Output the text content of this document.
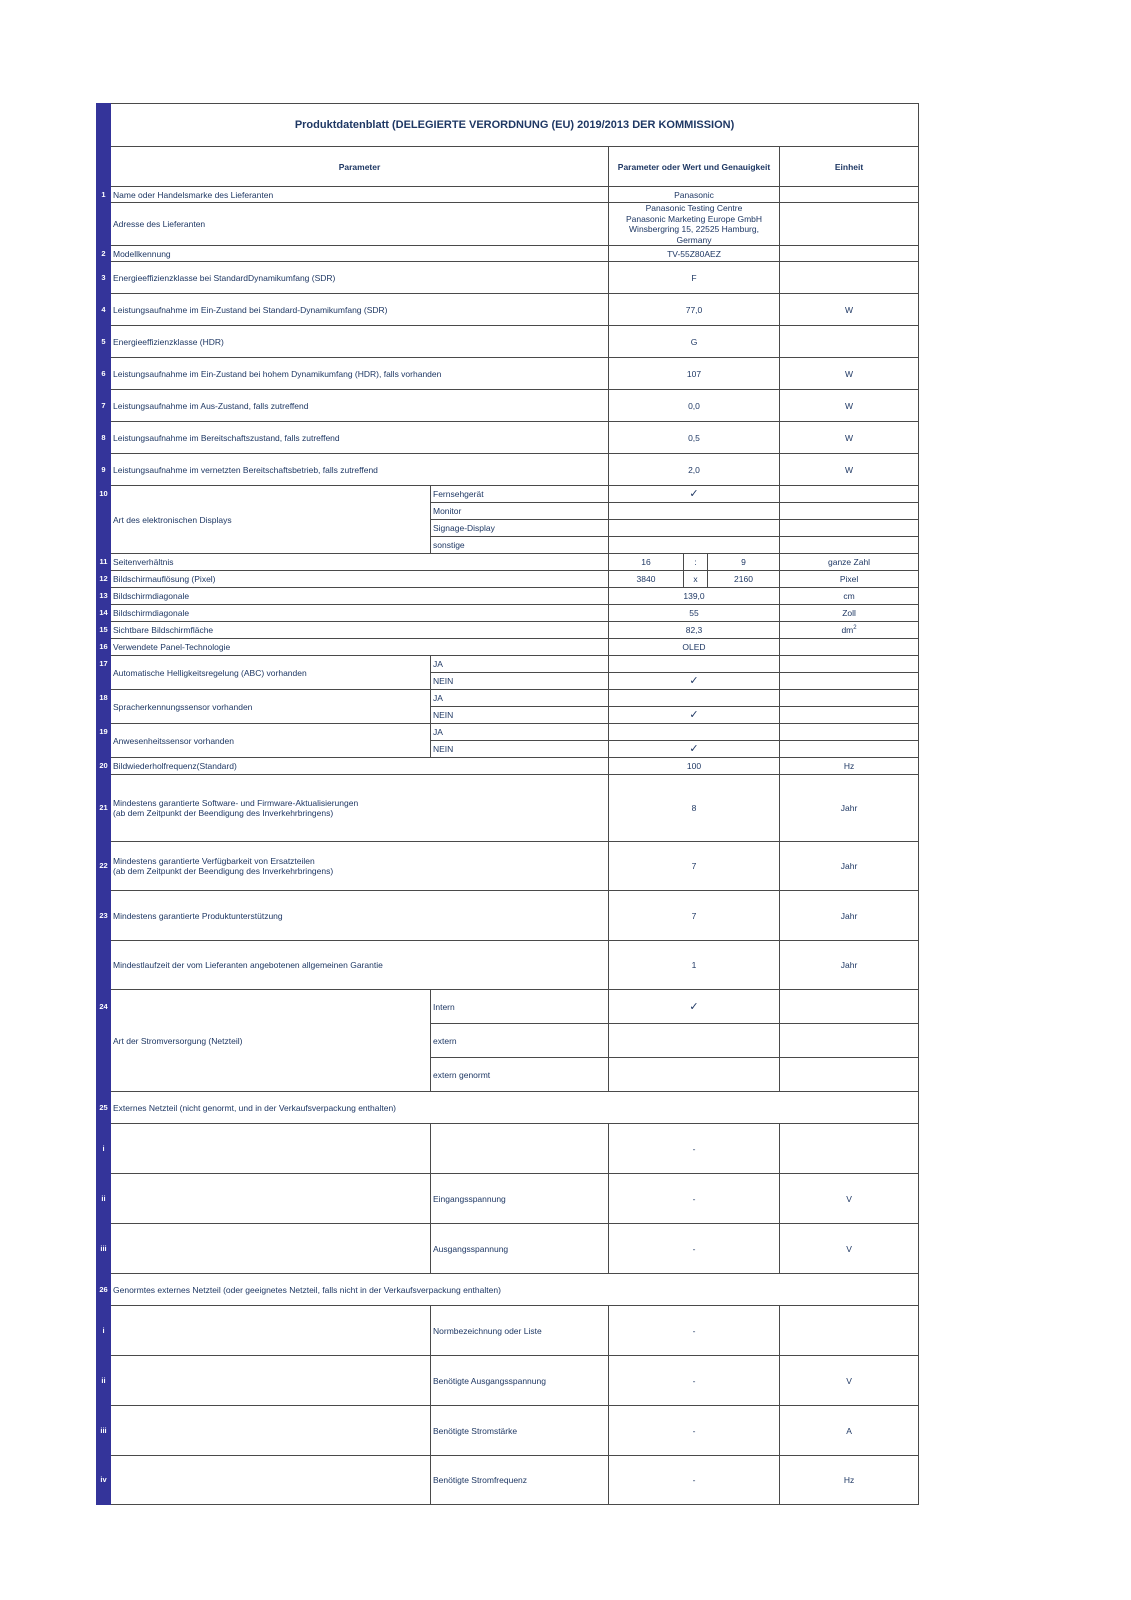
	Produktdatenblatt (DELEGIERTE VERORDNUNG (EU) 2019/2013 DER KOMMISSION)					
	Parameter		Parameter oder Wert und Genauigkeit			Einheit
1	Name oder Handelsmarke des Lieferanten		Panasonic			
	Adresse des Lieferanten		Panasonic Testing Centre
Panasonic Marketing Europe GmbH
Winsbergring 15, 22525 Hamburg,
Germany			

2	Modellkennung		TV-55Z80AEZ			
3	Energieeffizienzklasse bei StandardDynamikumfang (SDR)		F			
4	Leistungsaufnahme im Ein-Zustand bei Standard-Dynamikumfang (SDR)		77,0			W
5	Energieeffizienzklasse (HDR)		G			
6	Leistungsaufnahme im Ein-Zustand bei hohem Dynamikumfang (HDR), falls vorhanden		107			W
7	Leistungsaufnahme im Aus-Zustand, falls zutreffend		0,0			W
8	Leistungsaufnahme im Bereitschaftszustand, falls zutreffend		0,5			W
9	Leistungsaufnahme im vernetzten Bereitschaftsbetrieb, falls zutreffend		2,0			W
10	Art des elektronischen Displays	Fernsehgerät	✓			
		Monitor				
		Signage-Display				
		sonstige				
11	Seitenverhältnis		16	:	9	ganze Zahl
12	Bildschirmauflösung (Pixel)		3840	x	2160	Pixel
13	Bildschirmdiagonale		139,0			cm
14	Bildschirmdiagonale		55			Zoll
15	Sichtbare Bildschirmfläche		82,3			$dm^2$
16	Verwendete Panel-Technologie		OLED			
17	Automatische Helligkeitsregelung (ABC) vorhanden	JA				
		NEIN	✓			
18	Spracherkennungssensor vorhanden	JA				
		NEIN	✓			
19	Anwesenheitssensor vorhanden	JA				
		NEIN	✓			
20	Bildwiederholfrequenz(Standard)		100			Hz
21	Mindestens garantierte Software- und Firmware-Aktualisierungen
(ab dem Zeitpunkt der Beendigung des Inverkehrbringens)		8			Jahr
22	Mindestens garantierte Verfügbarkeit von Ersatzteilen
(ab dem Zeitpunkt der Beendigung des Inverkehrbringens)		7			Jahr
23	Mindestens garantierte Produktunterstützung		7			Jahr
	Mindestlaufzeit der vom Lieferanten angebotenen allgemeinen Garantie		1			Jahr
24	Art der Stromversorgung (Netzteil)	Intern	✓			
		extern				
		extern genormt				
25	Externes Netzteil (nicht genormt, und in der Verkaufsverpackung enthalten)					
i			-			
ii		Eingangsspannung	-			V
iii		Ausgangsspannung	-			V
26	Genormtes externes Netzteil (oder geeignetes Netzteil, falls nicht in der Verkaufsverpackung enthalten)					
i		Normbezeichnung oder Liste	-			
ii		Benötigte Ausgangsspannung	-			V
iii		Benötigte Stromstärke	-			A
iv		Benötigte Stromfrequenz	-			Hz
